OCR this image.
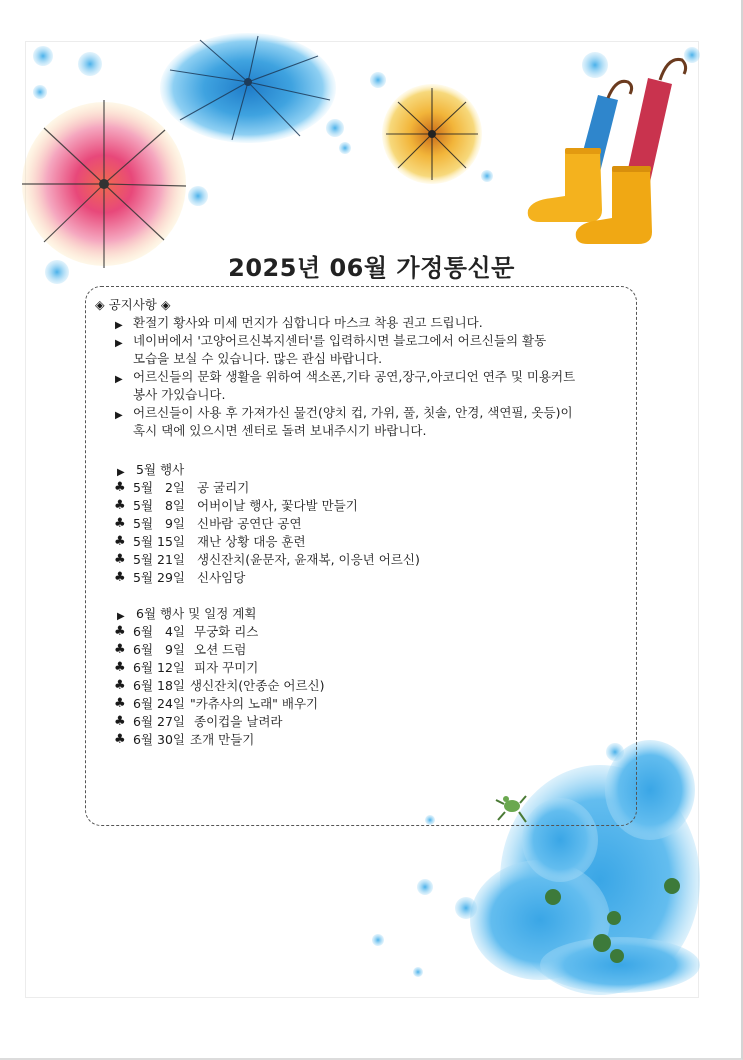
2025년 06월 가정통신문
◈ 공지사항 ◈
▶ 환절기 황사와 미세 먼지가 심합니다 마스크 착용 권고 드립니다.
▶ 네이버에서 '고양어르신복지센터'를 입력하시면 블로그에서 어르신들의 활동
모습을 보실 수 있습니다. 많은 관심 바랍니다.
▶ 어르신들의 문화 생활을 위하여 색소폰,기타 공연,장구,아코디언 연주 및 미용커트
봉사 가있습니다.
▶ 어르신들이 사용 후 가져가신 물건(양치 컵, 가위, 풀, 칫솔, 안경, 색연필, 옷등)이
혹시 댁에 있으시면 센터로 돌려 보내주시기 바랍니다.
▶ 5월 행사
♣ 5월   2일 공 굴리기
♣ 5월   8일 어버이날 행사, 꽃다발 만들기
♣ 5월   9일 신바람 공연단 공연
♣ 5월 15일 재난 상황 대응 훈련
♣ 5월 21일 생신잔치(윤문자, 윤재복, 이응년 어르신)
♣ 5월 29일 신사임당
▶ 6월 행사 및 일정 계획
♣ 6월   4일 무궁화 리스
♣ 6월   9일 오션 드럼
♣ 6월 12일 피자 꾸미기
♣ 6월 18일 생신잔치(안종순 어르신)
♣ 6월 24일 "카츄사의 노래" 배우기
♣ 6월 27일 종이컵을 날려라
♣ 6월 30일 조개 만들기
